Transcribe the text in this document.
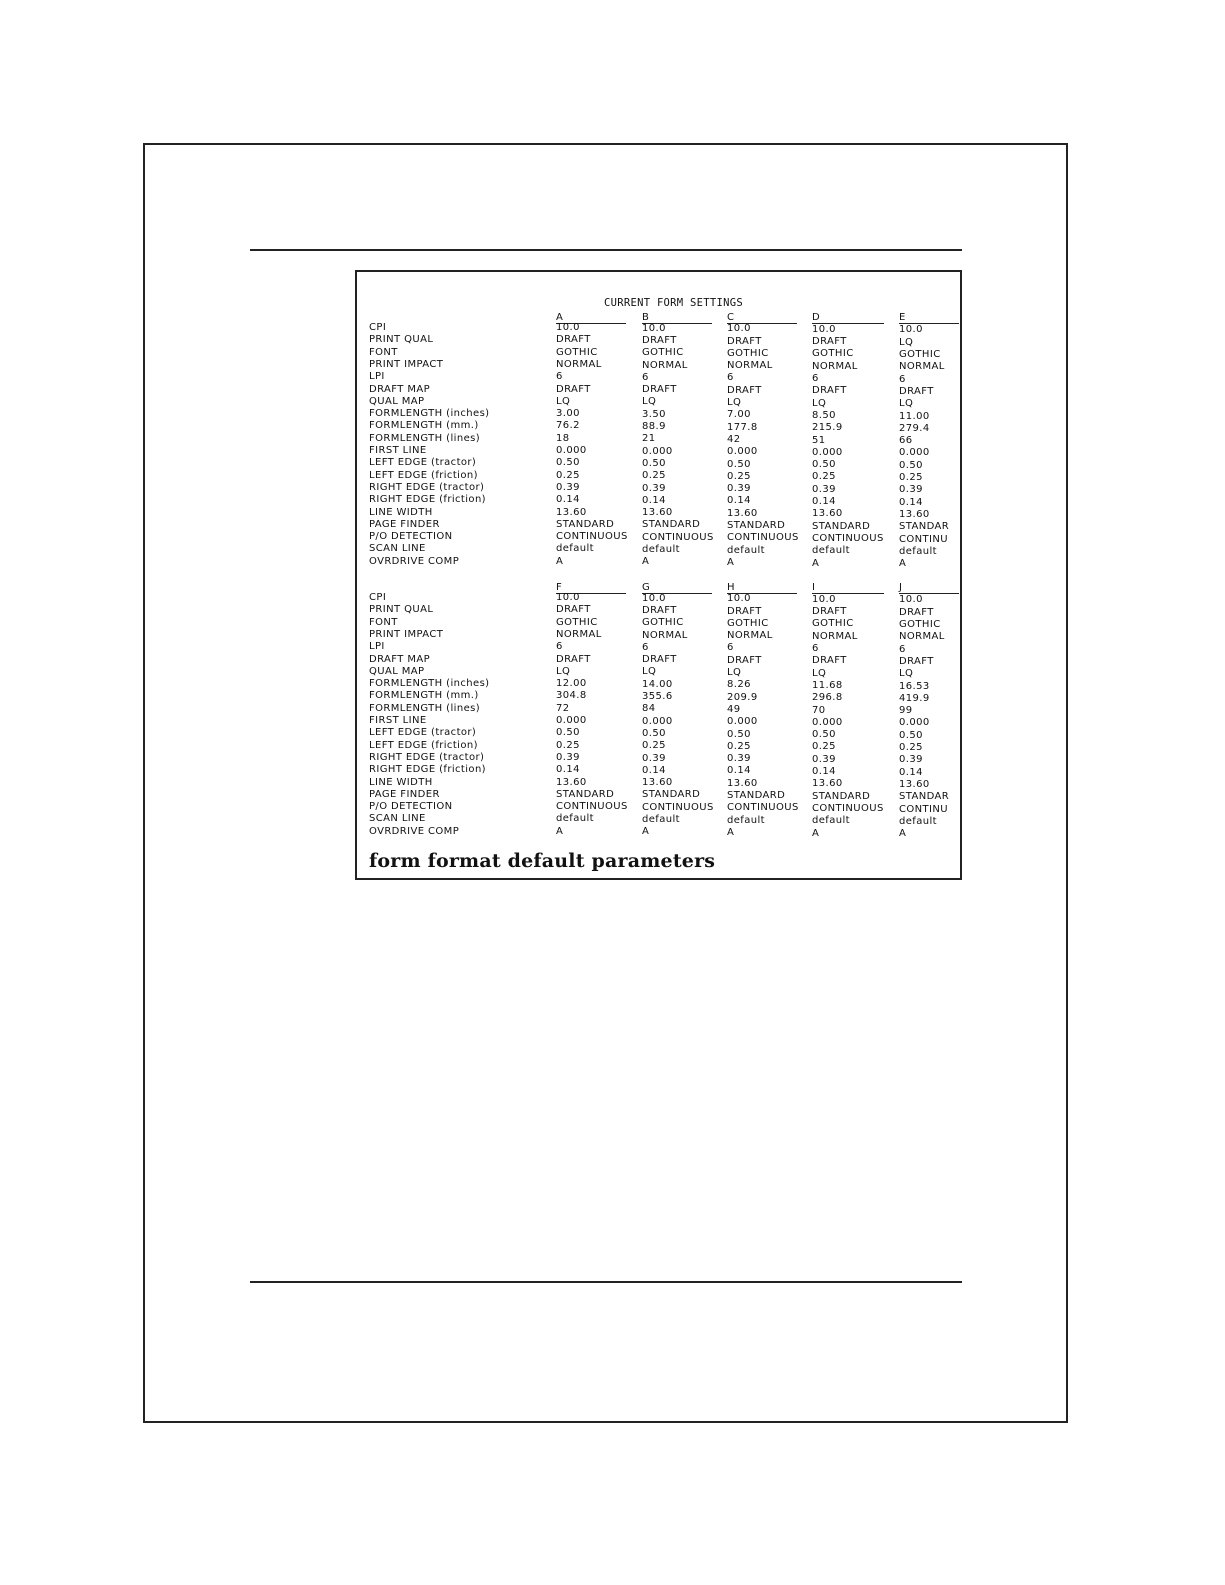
CURRENT FORM SETTINGS
CPI
PRINT QUAL
FONT
PRINT IMPACT
LPI
DRAFT MAP
QUAL MAP
FORMLENGTH (inches)
FORMLENGTH (mm.)
FORMLENGTH (lines)
FIRST LINE
LEFT EDGE (tractor)
LEFT EDGE (friction)
RIGHT EDGE (tractor)
RIGHT EDGE (friction)
LINE WIDTH
PAGE FINDER
P/O DETECTION
SCAN LINE
OVRDRIVE COMP
A
10.0
DRAFT
GOTHIC
NORMAL
6
DRAFT
LQ
3.00
76.2
18
0.000
0.50
0.25
0.39
0.14
13.60
STANDARD
CONTINUOUS
default
A
B
10.0
DRAFT
GOTHIC
NORMAL
6
DRAFT
LQ
3.50
88.9
21
0.000
0.50
0.25
0.39
0.14
13.60
STANDARD
CONTINUOUS
default
A
C
10.0
DRAFT
GOTHIC
NORMAL
6
DRAFT
LQ
7.00
177.8
42
0.000
0.50
0.25
0.39
0.14
13.60
STANDARD
CONTINUOUS
default
A
D
10.0
DRAFT
GOTHIC
NORMAL
6
DRAFT
LQ
8.50
215.9
51
0.000
0.50
0.25
0.39
0.14
13.60
STANDARD
CONTINUOUS
default
A
E
10.0
LQ
GOTHIC
NORMAL
6
DRAFT
LQ
11.00
279.4
66
0.000
0.50
0.25
0.39
0.14
13.60
STANDAR
CONTINU
default
A
CPI
PRINT QUAL
FONT
PRINT IMPACT
LPI
DRAFT MAP
QUAL MAP
FORMLENGTH (inches)
FORMLENGTH (mm.)
FORMLENGTH (lines)
FIRST LINE
LEFT EDGE (tractor)
LEFT EDGE (friction)
RIGHT EDGE (tractor)
RIGHT EDGE (friction)
LINE WIDTH
PAGE FINDER
P/O DETECTION
SCAN LINE
OVRDRIVE COMP
F
10.0
DRAFT
GOTHIC
NORMAL
6
DRAFT
LQ
12.00
304.8
72
0.000
0.50
0.25
0.39
0.14
13.60
STANDARD
CONTINUOUS
default
A
G
10.0
DRAFT
GOTHIC
NORMAL
6
DRAFT
LQ
14.00
355.6
84
0.000
0.50
0.25
0.39
0.14
13.60
STANDARD
CONTINUOUS
default
A
H
10.0
DRAFT
GOTHIC
NORMAL
6
DRAFT
LQ
8.26
209.9
49
0.000
0.50
0.25
0.39
0.14
13.60
STANDARD
CONTINUOUS
default
A
I
10.0
DRAFT
GOTHIC
NORMAL
6
DRAFT
LQ
11.68
296.8
70
0.000
0.50
0.25
0.39
0.14
13.60
STANDARD
CONTINUOUS
default
A
J
10.0
DRAFT
GOTHIC
NORMAL
6
DRAFT
LQ
16.53
419.9
99
0.000
0.50
0.25
0.39
0.14
13.60
STANDAR
CONTINU
default
A
form format default parameters
